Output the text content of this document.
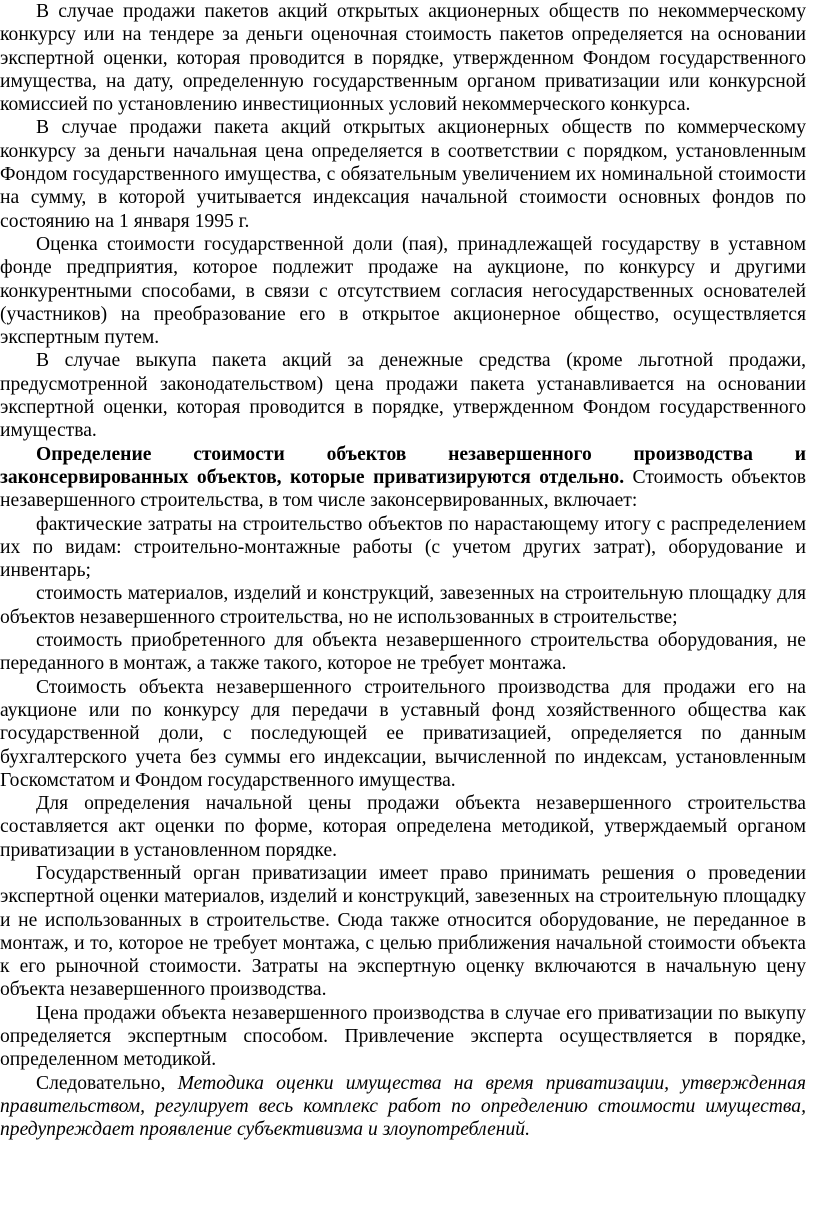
В случае продажи пакетов акций открытых акционерных обществ по некоммерческому конкурсу или на тендере за деньги оценочная стоимость пакетов определяется на основании экспертной оценки, которая проводится в порядке, утвержденном Фондом государственного имущества, на дату, определенную государственным органом приватизации или конкурсной комиссией по установлению инвестиционных условий некоммерческого конкурса.

В случае продажи пакета акций открытых акционерных обществ по коммерческому конкурсу за деньги начальная цена определяется в соответствии с порядком, установленным Фондом государственного имущества, с обязательным увеличением их номинальной стоимости на сумму, в которой учитывается индексация начальной стоимости основных фондов по состоянию на 1 января 1995 г.

Оценка стоимости государственной доли (пая), принадлежащей государству в уставном фонде предприятия, которое подлежит продаже на аукционе, по конкурсу и другими конкурентными способами, в связи с отсутствием согласия негосударственных основателей (участников) на преобразование его в открытое акционерное общество, осуществляется экспертным путем.

В случае выкупа пакета акций за денежные средства (кроме льготной продажи, предусмотренной законодательством) цена продажи пакета устанавливается на основании экспертной оценки, которая проводится в порядке, утвержденном Фондом государственного имущества.

Определение стоимости объектов незавершенного производства и законсервированных объектов, которые приватизируются отдельно. Стоимость объектов незавершенного строительства, в том числе законсервированных, включает:

фактические затраты на строительство объектов по нарастающему итогу с распределением их по видам: строительно-монтажные работы (с учетом других затрат), оборудование и инвентарь;

стоимость материалов, изделий и конструкций, завезенных на строительную площадку для объектов незавершенного строительства, но не использованных в строительстве;

стоимость приобретенного для объекта незавершенного строительства оборудования, не переданного в монтаж, а также такого, которое не требует монтажа.

Стоимость объекта незавершенного строительного производства для продажи его на аукционе или по конкурсу для передачи в уставный фонд хозяйственного общества как государственной доли, с последующей ее приватизацией, определяется по данным бухгалтерского учета без суммы его индексации, вычисленной по индексам, установленным Госкомстатом и Фондом государственного имущества.

Для определения начальной цены продажи объекта незавершенного строительства составляется акт оценки по форме, которая определена методикой, утверждаемый органом приватизации в установленном порядке.

Государственный орган приватизации имеет право принимать решения о проведении экспертной оценки материалов, изделий и конструкций, завезенных на строительную площадку и не использованных в строительстве. Сюда также относится оборудование, не переданное в монтаж, и то, которое не требует монтажа, с целью приближения начальной стоимости объекта к его рыночной стоимости. Затраты на экспертную оценку включаются в начальную цену объекта незавершенного производства.

Цена продажи объекта незавершенного производства в случае его приватизации по выкупу определяется экспертным способом. Привлечение эксперта осуществляется в порядке, определенном методикой.

Следовательно, Методика оценки имущества на время приватизации, утвержденная правительством, регулирует весь комплекс работ по определению стоимости имущества, предупреждает проявление субъективизма и злоупотреблений.
